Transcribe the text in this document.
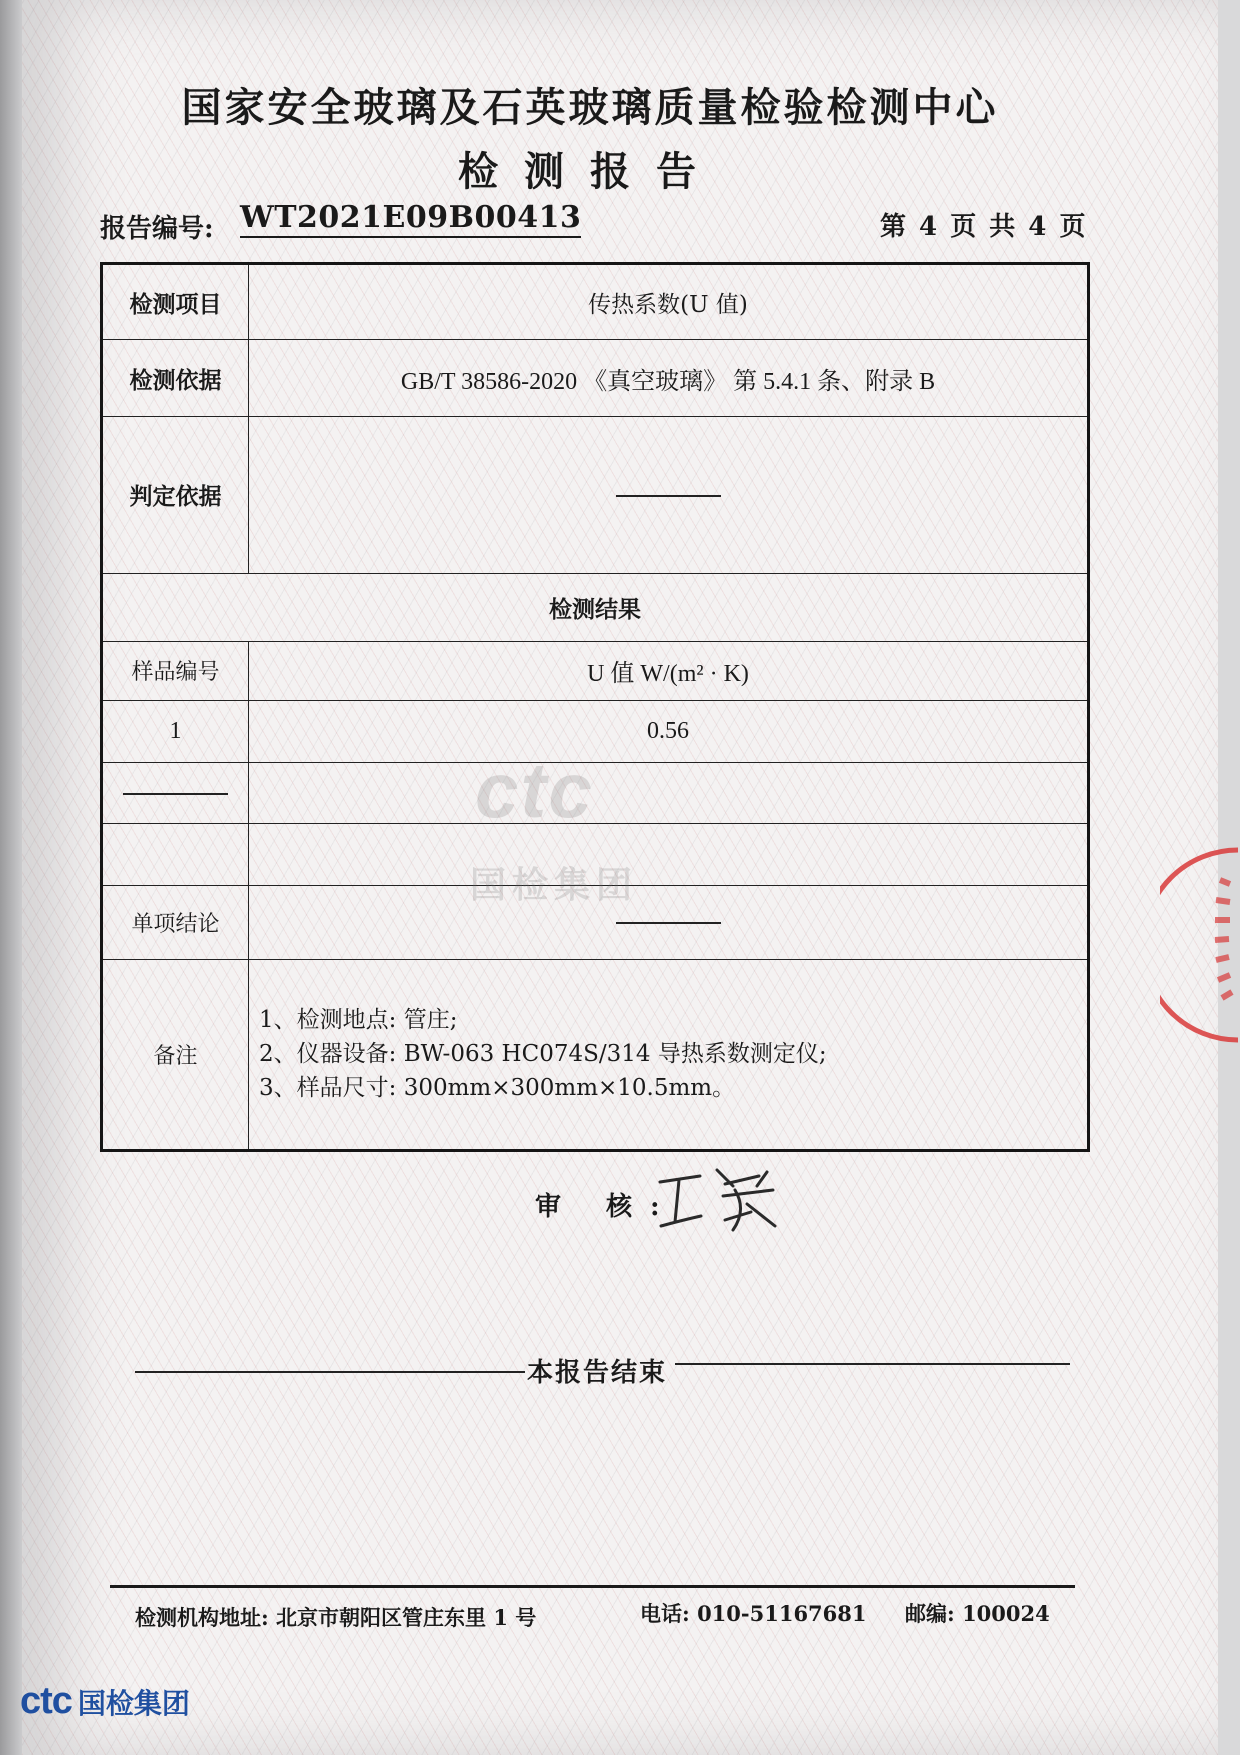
国家安全玻璃及石英玻璃质量检验检测中心
检测报告
报告编号: WT2021E09B00413	第 4 页 共 4 页
检测项目	传热系数(U 值)
检测依据	GB/T 38586-2020 《真空玻璃》 第 5.4.1 条、附录 B
判定依据	
检测结果	
样品编号	U 值 W/(m² · K)
1	0.56

单项结论	
备注	1、检测地点: 管庄;
2、仪器设备: BW-063 HC074S/314 导热系数测定仪;
3、样品尺寸: 300mm×300mm×10.5mm。
ctc
国检集团
审 核:
本报告结束
检测机构地址: 北京市朝阳区管庄东里 1 号	电话: 010-51167681 邮编: 100024
ctc 国检集团
